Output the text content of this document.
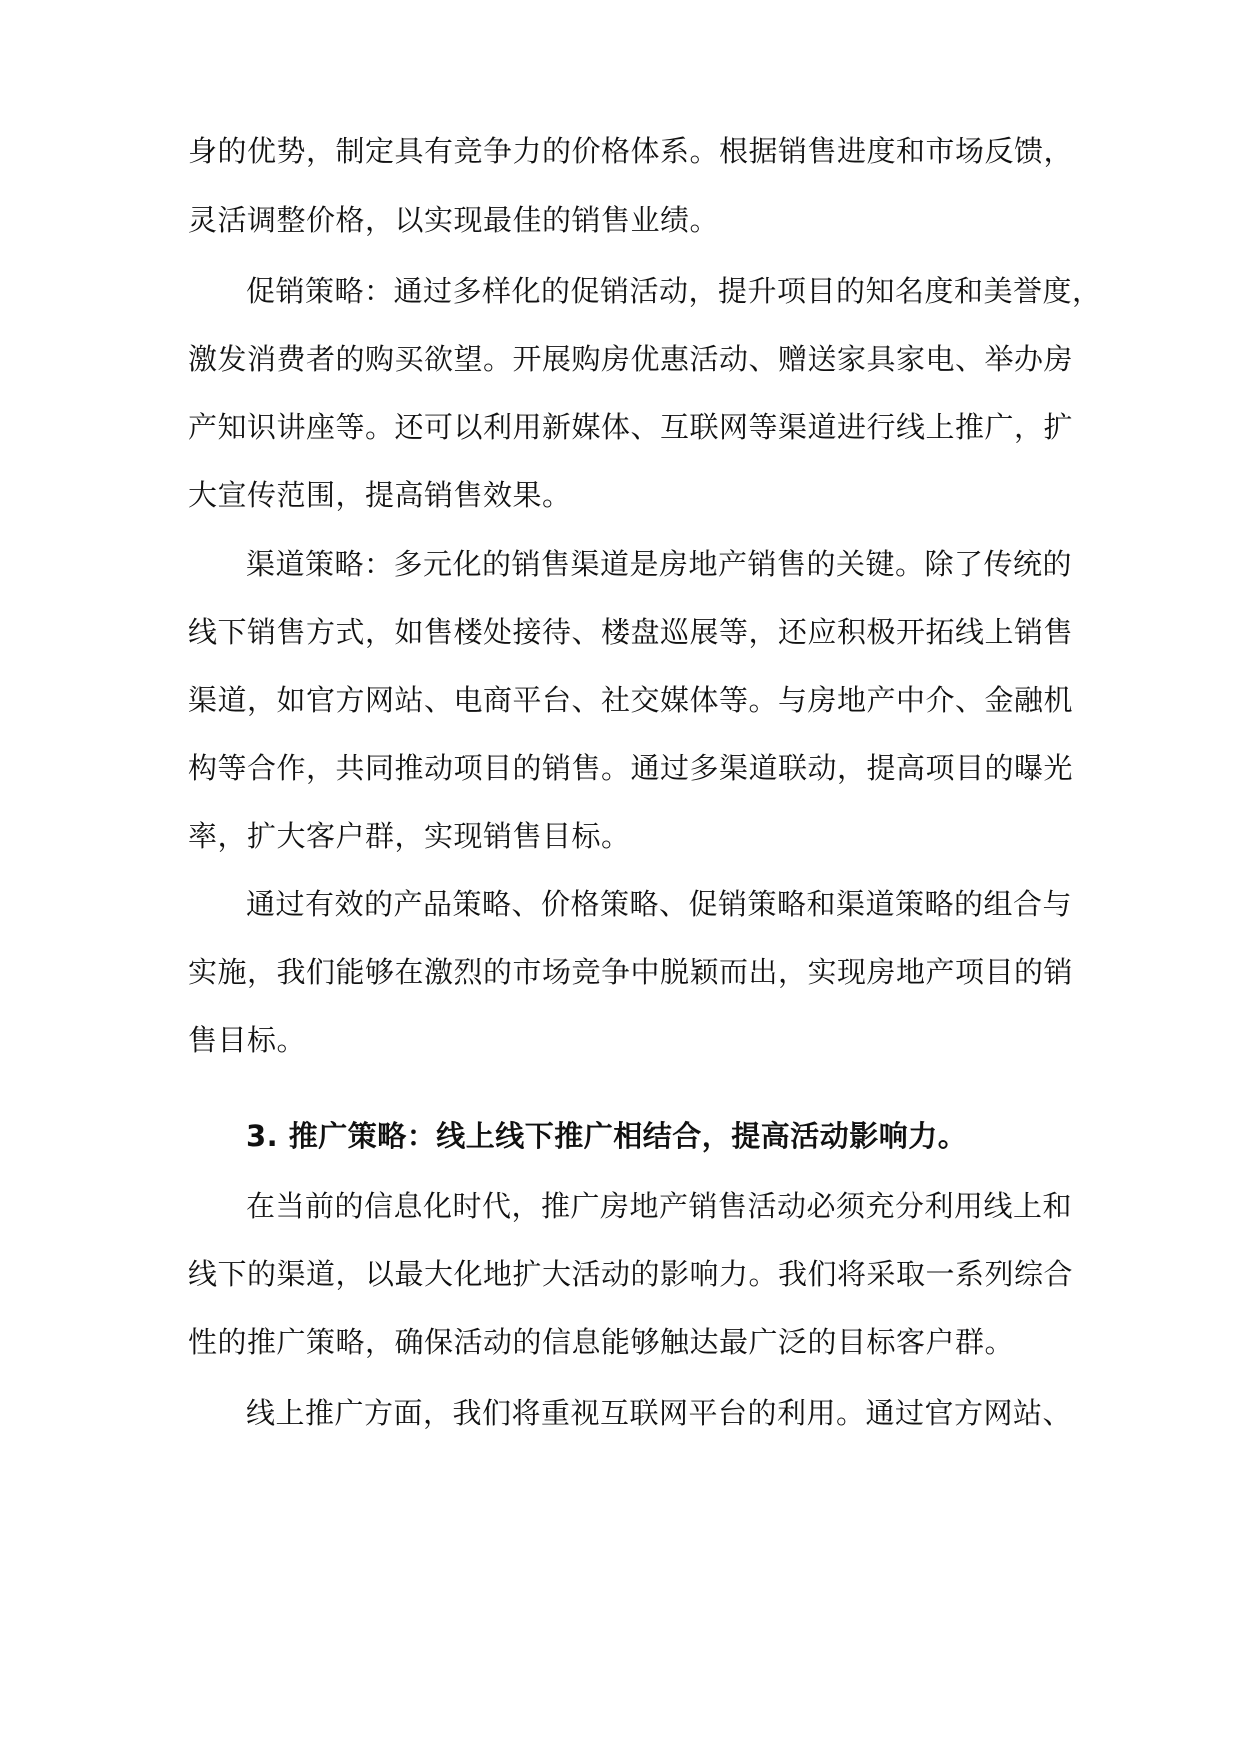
身的优势，制定具有竞争力的价格体系。根据销售进度和市场反馈，
灵活调整价格，以实现最佳的销售业绩。
促销策略：通过多样化的促销活动，提升项目的知名度和美誉度，
激发消费者的购买欲望。开展购房优惠活动、赠送家具家电、举办房
产知识讲座等。还可以利用新媒体、互联网等渠道进行线上推广，扩
大宣传范围，提高销售效果。
渠道策略：多元化的销售渠道是房地产销售的关键。除了传统的
线下销售方式，如售楼处接待、楼盘巡展等，还应积极开拓线上销售
渠道，如官方网站、电商平台、社交媒体等。与房地产中介、金融机
构等合作，共同推动项目的销售。通过多渠道联动，提高项目的曝光
率，扩大客户群，实现销售目标。
通过有效的产品策略、价格策略、促销策略和渠道策略的组合与
实施，我们能够在激烈的市场竞争中脱颖而出，实现房地产项目的销
售目标。
3. 推广策略：线上线下推广相结合，提高活动影响力。
在当前的信息化时代，推广房地产销售活动必须充分利用线上和
线下的渠道，以最大化地扩大活动的影响力。我们将采取一系列综合
性的推广策略，确保活动的信息能够触达最广泛的目标客户群。
线上推广方面，我们将重视互联网平台的利用。通过官方网站、
